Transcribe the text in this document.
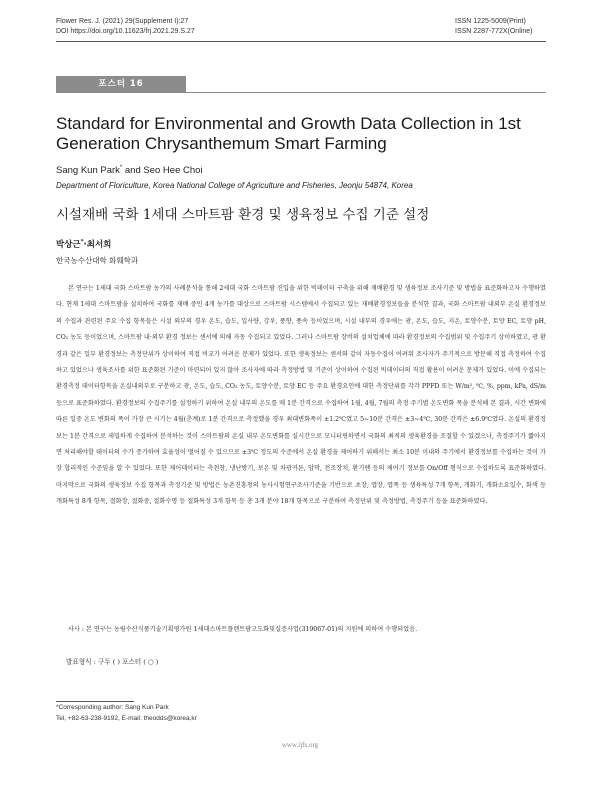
Flower Res. J. (2021) 29(Supplement I):27
DOI https://doi.org/10.11623/frj.2021.29.S.27
ISSN 1225-5009(Print)
ISSN 2287-772X(Online)
포스터 16
Standard for Environmental and Growth Data Collection in 1st Generation Chrysanthemum Smart Farming
Sang Kun Park* and Seo Hee Choi
Department of Floriculture, Korea National College of Agriculture and Fisheries, Jeonju 54874, Korea
시설재배 국화 1세대 스마트팜 환경 및 생육정보 수집 기준 설정
박상근*·최서희
한국농수산대학 화훼학과

본 연구는 1세대 국화 스마트팜 농가의 사례분석을 통해 2세대 국화 스마트팜 진입을 위한 빅데이터 구축을 위해 재배환경 및 생육정보 조사기준 및 방법을 표준화하고자 수행하였다. 현재 1세대 스마트팜을 설치하여 국화를 재배 중인 4개 농가를 대상으로 스마트팜 시스템에서 수집되고 있는 재배환경정보들을 분석한 결과, 국화 스마트팜 내외부 온실 환경정보의 수집과 관련된 주요 수집 항목들은 시설 외부의 경우 온도, 습도, 일사량, 강우, 풍향, 풍속 등이었으며, 시설 내부의 경우에는 광, 온도, 습도, 지온, 토양수분, 토양 EC, 토양 pH, CO₂ 농도 등이었으며, 스마트팜 내·외부 환경 정보는 센서에 의해 자동 수집되고 있었다. 그러나 스마트팜 장비의 설치업체에 따라 환경정보의 수집범위 및 수집주기 상이하였고, 광 환경과 같은 일부 환경정보는 측정단위가 상이하여 직접 비교가 어려운 문제가 있었다. 또한 생육정보는 센서와 같이 자동수집이 어려워 조사자가 주기적으로 방문해 직접 측정하여 수집하고 있었으나 생육조사를 위한 표준화된 기준이 마련되어 있지 않아 조사자에 따라 측정방법 및 기준이 상이하여 수집된 빅데이터의 직접 활용이 어려운 문제가 있었다. 이에 수집되는 환경측정 데이터항목을 온실내외부로 구분하고 광, 온도, 습도, CO₂ 농도, 토양수분, 토양 EC 등 주요 환경요인에 대한 측정단위를 각각 PPFD 또는 W/m², ℃, %, ppm, kPa, dS/m 등으로 표준화하였다. 환경정보의 수집주기를 설정하기 위하여 온실 내부의 온도를 매 1분 간격으로 수집하여 1월, 4월, 7월의 측정 주기별 온도변화 폭을 분석해 본 결과, 시간 변화에 따른 일중 온도 변화의 폭이 가장 큰 시기는 4월(춘계)로 1분 간격으로 측정했을 경우 최대변화폭이 ±1.2℃였고 5~10분 간격은 ±3~4℃, 30분 간격은 ±6.9℃였다. 온실의 환경정보는 1분 간격으로 세밀하게 수집하여 분석하는 것이 스마트팜의 온실 내부 온도변화를 실시간으로 모니터링하면서 국화의 최적의 생육환경을 조절할 수 있겠으나, 측정주기가 짧아지면 처리해야할 데이터의 수가 증가하여 효율성이 떨어질 수 있으므로 ±3℃ 정도의 수준에서 온실 환경을 제어하기 위해서는 최소 10분 이내의 주기에서 환경정보를 수집하는 것이 가장 합리적인 수준임을 알 수 있었다. 또한 제어데이터는 측천창, 냉난방기, 보온 및 차광커튼, 암막, 전조장치, 환기팬 등의 제어기 정보를 On/Off 형식으로 수집하도록 표준화하였다. 마지막으로 국화의 생육정보 수집 항목과 측정기준 및 방법은 농촌진흥청의 농사시험연구조사기준을 기반으로 초장, 엽장, 엽폭 등 생육특성 7개 항목, 개화기, 개화소요일수, 화색 등 개화특성 8개 항목, 절화장, 절화중, 절화수명 등 절화특성 3개 항목 등 총 3개 분야 18개 항목으로 구분하여 측정단위 및 측정방법, 측정주기 등을 표준화하였다.

사사 : 본 연구는 농림수산식품기술기획평가원 1세대스마트플랜트팜고도화및실증사업(319067-01)의 지원에 의하여 수행되었음.

발표형식 : 구두 ( ) 포스터 ( ○ )
*Corresponding author: Sang Kun Park
Tel, +82-63-238-9192, E-mail: theodds@korea,kr
www.ijfs.org
